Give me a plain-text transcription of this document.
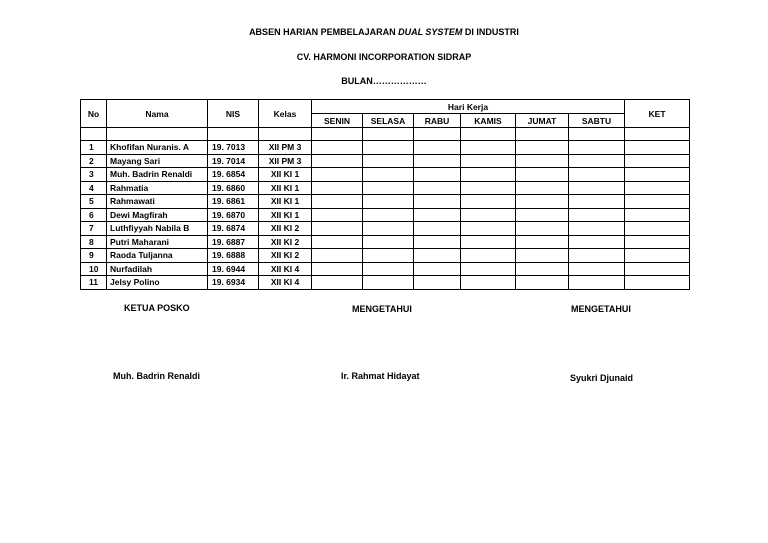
ABSEN HARIAN PEMBELAJARAN DUAL SYSTEM DI INDUSTRI
CV. HARMONI INCORPORATION SIDRAP
BULAN………………
No	Nama	NIS	Kelas	Hari Kerja						KET
				SENIN	SELASA	RABU	KAMIS	JUMAT	SABTU	

1	Khofifan Nuranis. A	19. 7013	XII PM 3							
2	Mayang Sari	19. 7014	XII PM 3							
3	Muh. Badrin Renaldi	19. 6854	XII KI 1							
4	Rahmatia	19. 6860	XII KI 1							
5	Rahmawati	19. 6861	XII KI 1							
6	Dewi Magfirah	19. 6870	XII KI 1							
7	Luthfiyyah Nabila B	19. 6874	XII KI 2							
8	Putri Maharani	19. 6887	XII KI 2							
9	Raoda Tuljanna	19. 6888	XII KI 2							
10	Nurfadilah	19. 6944	XII KI 4							
11	Jelsy Polino	19. 6934	XII KI 4							
KETUA POSKO	MENGETAHUI	MENGETAHUI
Muh. Badrin Renaldi	Ir. Rahmat Hidayat	Syukri Djunaid
